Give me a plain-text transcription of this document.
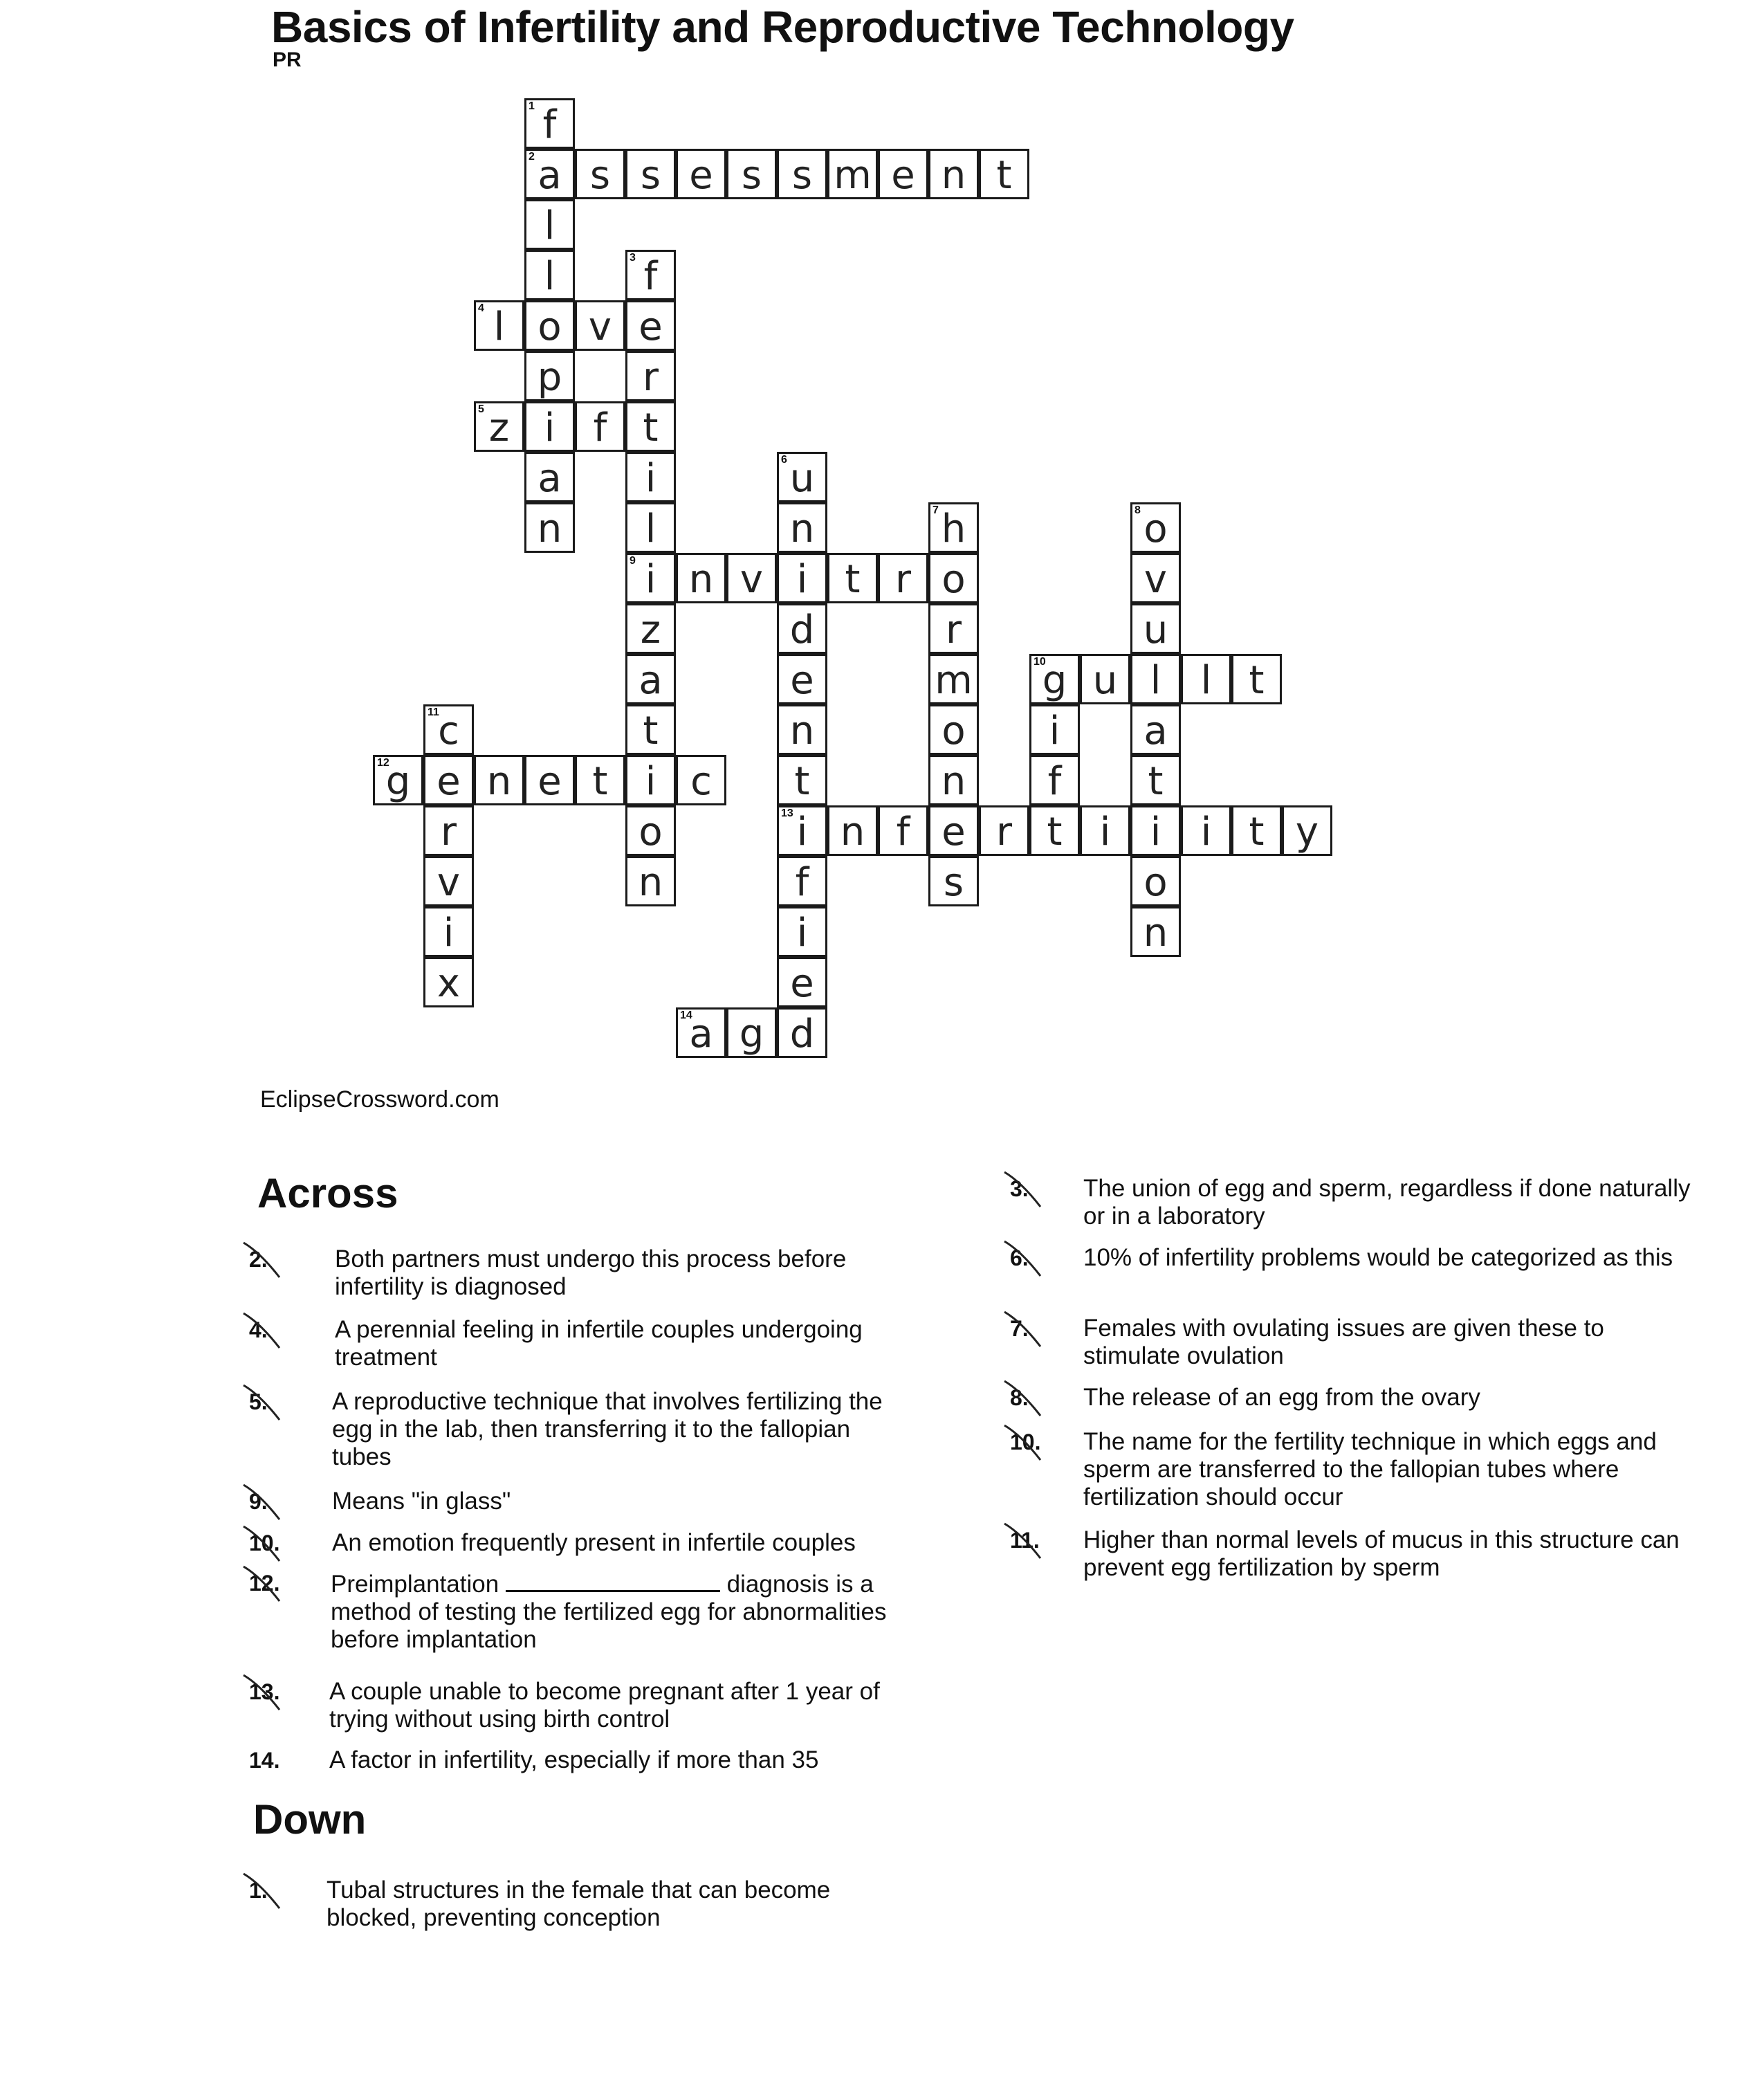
Basics of Infertility and Reproductive Technology
PR
1 f
2 a
l
l
o
p
i
a
n
s s e s s m e n t
3 f
e
r
t
i
l
9 i
z
a
t
i
o
n
4 l	v
5 z	f
6 u
n
i
d
e
n
t
13 i
f
i
e
d
7 h
o
r
m
o
n
e
s
8 o
v
u
l
a
t
i
o
n
n v	t r
10
g u	l t
i
f
t
11
c
e
r
v
i
x
12
g n e t	c
n f	r	i	i t y
14
a g
EclipseCrossword.com
Across
2.	Both partners must undergo this process before infertility is diagnosed
4.	A perennial feeling in infertile couples undergoing treatment
5.	A reproductive technique that involves fertilizing the egg in the lab, then transferring it to the fallopian tubes
9.	Means "in glass"
10. An emotion frequently present in infertile couples
12. Preimplantation	diagnosis is a method of testing the fertilized egg for abnormalities before implantation
13. A couple unable to become pregnant after 1 year of trying without using birth control
14. A factor in infertility, especially if more than 35
Down
1. Tubal structures in the female that can become blocked, preventing conception
3. The union of egg and sperm, regardless if done naturally or in a laboratory
6. 10% of infertility problems would be categorized as this
7. Females with ovulating issues are given these to stimulate ovulation
8. The release of an egg from the ovary
10. The name for the fertility technique in which eggs and sperm are transferred to the fallopian tubes where fertilization should occur
11. Higher than normal levels of mucus in this structure can prevent egg fertilization by sperm
